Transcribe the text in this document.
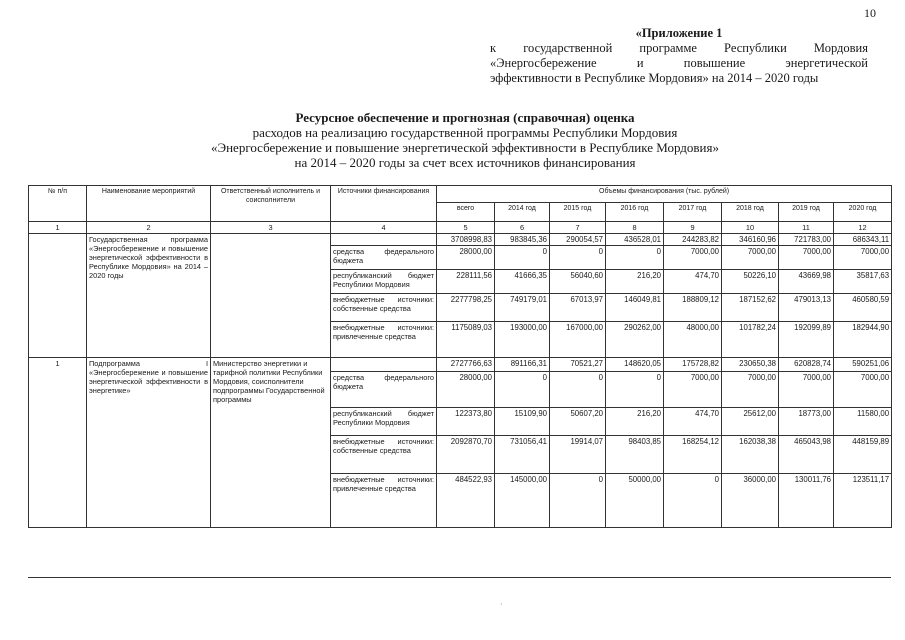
10
«Приложение 1
к государственной программе Республики Мордовия
«Энергосбережение и повышение энергетической
эффективности в Республике Мордовия» на 2014 – 2020 годы
Ресурсное обеспечение и прогнозная (справочная) оценка
расходов на реализацию государственной программы Республики Мордовия
«Энергосбережение и повышение энергетической эффективности в Республике Мордовия»
на 2014 – 2020 годы за счет всех источников финансирования
№ п/п	Наименование мероприятий	Ответственный исполнитель и соисполнители	Источники финансирования	Объемы финансирования (тыс. рублей)							
				всего	2014 год	2015 год	2016 год	2017 год	2018 год	2019 год	2020 год
1	2	3	4	5	6	7	8	9	10	11	12
	Государственная программа «Энергосбережение и повышение энергетической эффективности в Республике Мордовия» на 2014 – 2020 годы			3708998,83	983845,36	290054,57	436528,01	244283,82	346160,96	721783,00	686343,11
			средства федерального бюджета	28000,00	0	0	0	7000,00	7000,00	7000,00	7000,00
			республиканский бюджет Республики Мордовия	228111,56	41666,35	56040,60	216,20	474,70	50226,10	43669,98	35817,63
			внебюджетные источники: собственные средства	2277798,25	749179,01	67013,97	146049,81	188809,12	187152,62	479013,13	460580,59
			внебюджетные источники: привлеченные средства	1175089,03	193000,00	167000,00	290262,00	48000,00	101782,24	192099,89	182944,90
1	Подпрограмма I «Энергосбережение и повышение энергетической эффективности в энергетике»	Министерство энергетики и тарифной политики Республики Мордовия, соисполнители подпрограммы Государственной программы		2727766,63	891166,31	70521,27	148620,05	175728,82	230650,38	620828,74	590251,06
			средства федерального бюджета	28000,00	0	0	0	7000,00	7000,00	7000,00	7000,00
			республиканский бюджет Республики Мордовия	122373,80	15109,90	50607,20	216,20	474,70	25612,00	18773,00	11580,00
			внебюджетные источники: собственные средства	2092870,70	731056,41	19914,07	98403,85	168254,12	162038,38	465043,98	448159,89
			внебюджетные источники: привлеченные средства	484522,93	145000,00	0	50000,00	0	36000,00	130011,76	123511,17
·
